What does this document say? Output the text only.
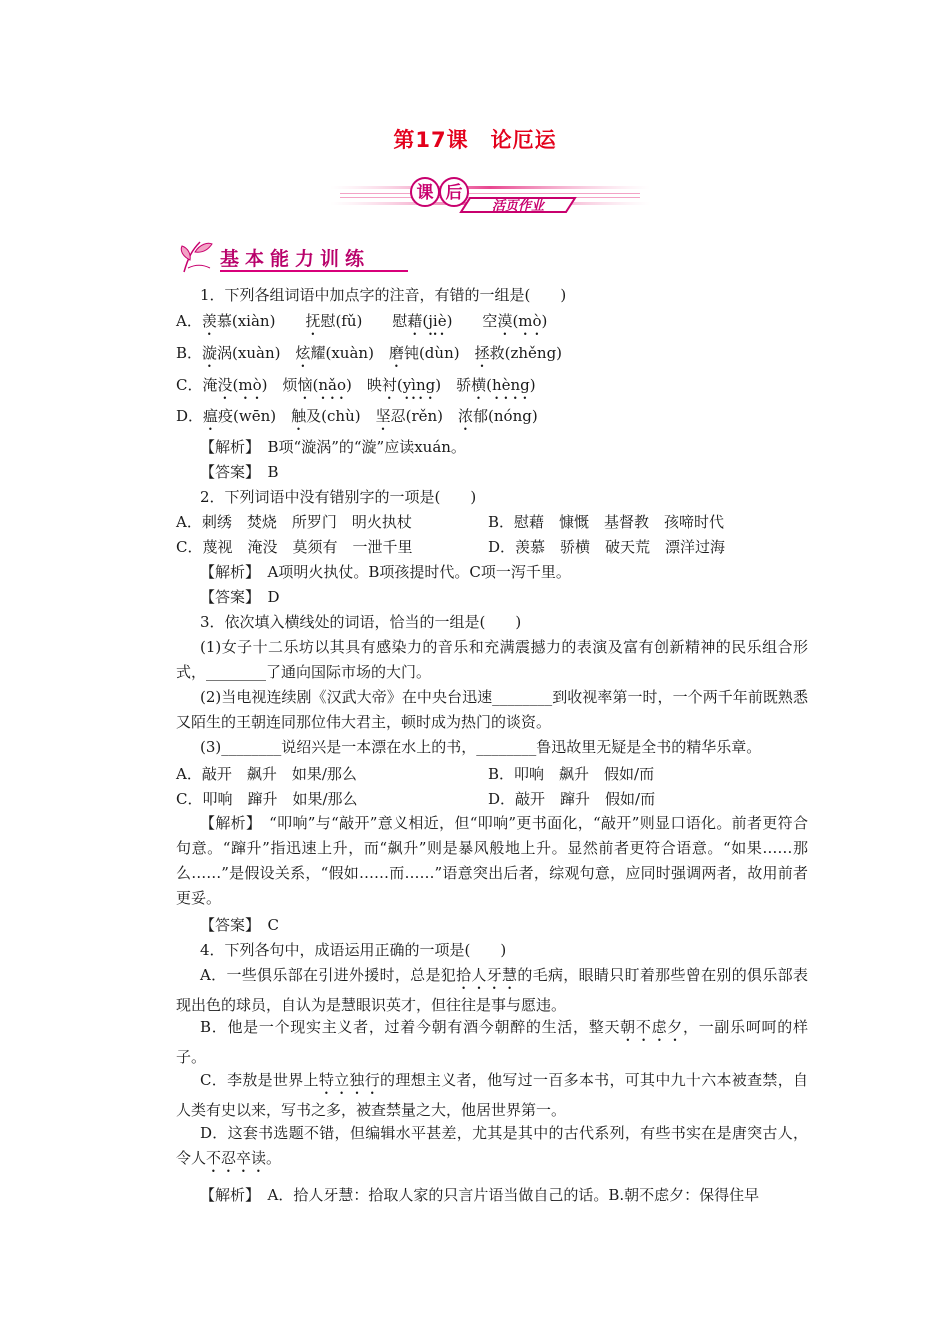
第17课　论厄运
课 后
活页作业
基本能力训练
1．下列各组词语中加点字的注音，有错的一组是(　　)
A．羡慕(xiàn)　　抚慰(fǔ)　　慰藉(jiè)　　空漠(mò)
B．漩涡(xuàn)　炫耀(xuàn)　磨钝(dùn)　拯救(zhěng)
C．淹没(mò)　烦恼(nǎo)　映衬(yìng)　骄横(hèng)
D．瘟疫(wēn)　触及(chù)　坚忍(rěn)　浓郁(nóng)
【解析】　B项“漩涡”的“漩”应读xuán。
【答案】　B
2．下列词语中没有错别字的一项是(　　)
A．刺绣　焚烧　所罗门　明火执杖	B．慰藉　慷慨　基督教　孩啼时代
C．蔑视　淹没　莫须有　一泄千里	D．羡慕　骄横　破天荒　漂洋过海
【解析】　A项明火执仗。B项孩提时代。C项一泻千里。
【答案】　D
3．依次填入横线处的词语，恰当的一组是(　　)
(1)女子十二乐坊以其具有感染力的音乐和充满震撼力的表演及富有创新精神的民乐组合形式，________了通向国际市场的大门。
(2)当电视连续剧《汉武大帝》在中央台迅速________到收视率第一时，一个两千年前既熟悉又陌生的王朝连同那位伟大君主，顿时成为热门的谈资。
(3)________说绍兴是一本漂在水上的书，________鲁迅故里无疑是全书的精华乐章。
A．敲开　飙升　如果/那么	B．叩响　飙升　假如/而
C．叩响　蹿升　如果/那么	D．敲开　蹿升　假如/而
【解析】　“叩响”与“敲开”意义相近，但“叩响”更书面化，“敲开”则显口语化。前者更符合句意。“蹿升”指迅速上升，而“飙升”则是暴风般地上升。显然前者更符合语意。“如果……那么……”是假设关系，“假如……而……”语意突出后者，综观句意，应同时强调两者，故用前者更妥。
【答案】　C
4．下列各句中，成语运用正确的一项是(　　)
A．一些俱乐部在引进外援时，总是犯拾人牙慧的毛病，眼睛只盯着那些曾在别的俱乐部表现出色的球员，自认为是慧眼识英才，但往往是事与愿违。
B．他是一个现实主义者，过着今朝有酒今朝醉的生活，整天朝不虑夕，一副乐呵呵的样子。
C．李敖是世界上特立独行的理想主义者，他写过一百多本书，可其中九十六本被查禁，自人类有史以来，写书之多，被查禁量之大，他居世界第一。
D．这套书选题不错，但编辑水平甚差，尤其是其中的古代系列，有些书实在是唐突古人，令人不忍卒读。
【解析】　A．拾人牙慧：拾取人家的只言片语当做自己的话。B.朝不虑夕：保得住早
